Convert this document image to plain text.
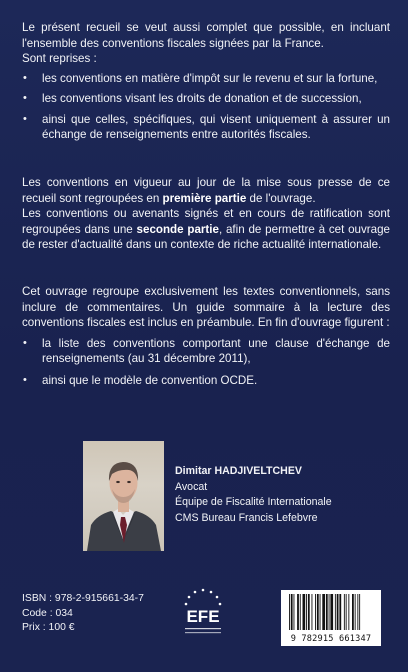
Le présent recueil se veut aussi complet que possible, en incluant l'ensemble des conventions fiscales signées par la France.

Sont reprises :

• les conventions en matière d'impôt sur le revenu et sur la fortune,
• les conventions visant les droits de donation et de succession,
• ainsi que celles, spécifiques, qui visent uniquement à assurer un échange de renseignements entre autorités fiscales.

Les conventions en vigueur au jour de la mise sous presse de ce recueil sont regroupées en première partie de l'ouvrage.

Les conventions ou avenants signés et en cours de ratification sont regroupées dans une seconde partie, afin de permettre à cet ouvrage de rester d'actualité dans un contexte de riche actualité internationale.

Cet ouvrage regroupe exclusivement les textes conventionnels, sans inclure de commentaires. Un guide sommaire à la lecture des conventions fiscales est inclus en préambule. En fin d'ouvrage figurent :

• la liste des conventions comportant une clause d'échange de renseignements (au 31 décembre 2011),
• ainsi que le modèle de convention OCDE.
Dimitar HADJIVELTCHEV
Avocat
Équipe de Fiscalité Internationale
CMS Bureau Francis Lefebvre
ISBN : 978-2-915661-34-7
Code : 034
Prix : 100 €
EFE
9 782915 661347
